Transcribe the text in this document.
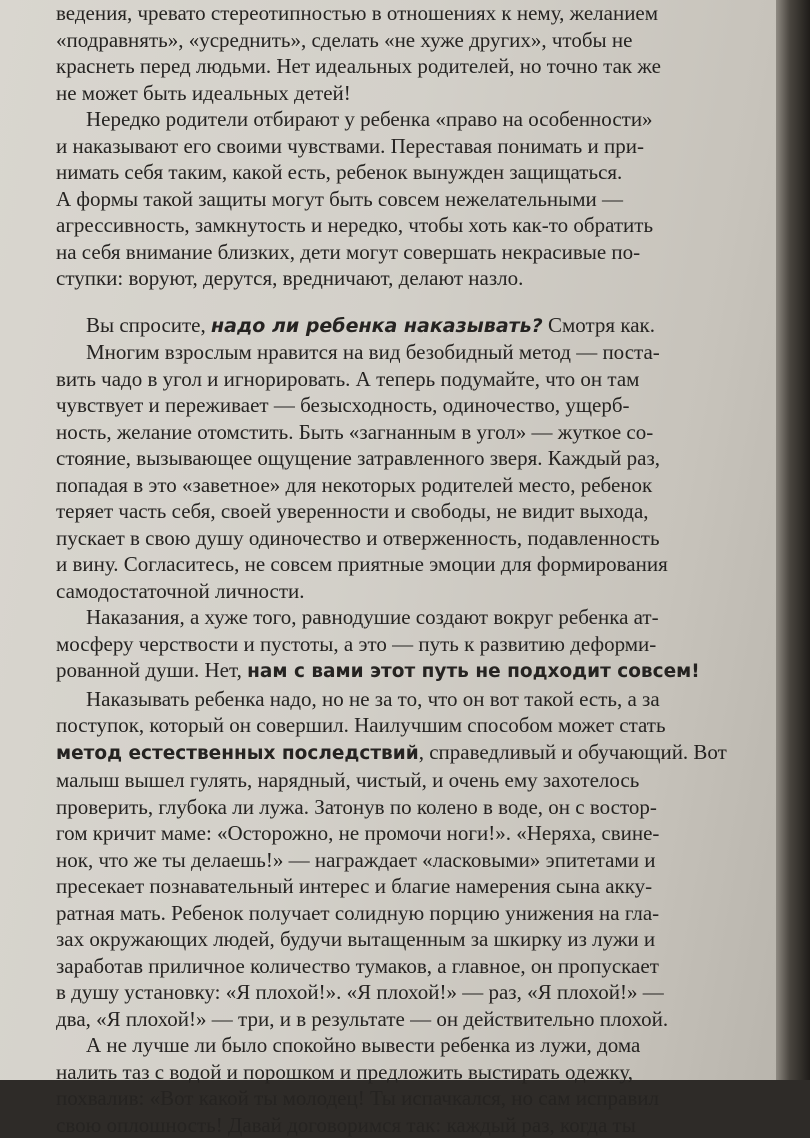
ведения, чревато стереотипностью в отношениях к нему, желанием
«подравнять», «усреднить», сделать «не хуже других», чтобы не
краснеть перед людьми. Нет идеальных родителей, но точно так же
не может быть идеальных детей!
Нередко родители отбирают у ребенка «право на особенности»
и наказывают его своими чувствами. Переставая понимать и при-
нимать себя таким, какой есть, ребенок вынужден защищаться.
А формы такой защиты могут быть совсем нежелательными —
агрессивность, замкнутость и нередко, чтобы хоть как-то обратить
на себя внимание близких, дети могут совершать некрасивые по-
ступки: воруют, дерутся, вредничают, делают назло.
Вы спросите, надо ли ребенка наказывать? Смотря как.
Многим взрослым нравится на вид безобидный метод — поста-
вить чадо в угол и игнорировать. А теперь подумайте, что он там
чувствует и переживает — безысходность, одиночество, ущерб-
ность, желание отомстить. Быть «загнанным в угол» — жуткое со-
стояние, вызывающее ощущение затравленного зверя. Каждый раз,
попадая в это «заветное» для некоторых родителей место, ребенок
теряет часть себя, своей уверенности и свободы, не видит выхода,
пускает в свою душу одиночество и отверженность, подавленность
и вину. Согласитесь, не совсем приятные эмоции для формирования
самодостаточной личности.
Наказания, а хуже того, равнодушие создают вокруг ребенка ат-
мосферу черствости и пустоты, а это — путь к развитию деформи-
рованной души. Нет, нам с вами этот путь не подходит совсем!
Наказывать ребенка надо, но не за то, что он вот такой есть, а за
поступок, который он совершил. Наилучшим способом может стать
метод естественных последствий, справедливый и обучающий. Вот
малыш вышел гулять, нарядный, чистый, и очень ему захотелось
проверить, глубока ли лужа. Затонув по колено в воде, он с востор-
гом кричит маме: «Осторожно, не промочи ноги!». «Неряха, свине-
нок, что же ты делаешь!» — награждает «ласковыми» эпитетами и
пресекает познавательный интерес и благие намерения сына акку-
ратная мать. Ребенок получает солидную порцию унижения на гла-
зах окружающих людей, будучи вытащенным за шкирку из лужи и
заработав приличное количество тумаков, а главное, он пропускает
в душу установку: «Я плохой!». «Я плохой!» — раз, «Я плохой!» —
два, «Я плохой!» — три, и в результате — он действительно плохой.
А не лучше ли было спокойно вывести ребенка из лужи, дома
налить таз с водой и порошком и предложить выстирать одежку,
похвалив: «Вот какой ты молодец! Ты испачкался, но сам исправил
свою оплошность! Давай договоримся так: каждый раз, когда ты
